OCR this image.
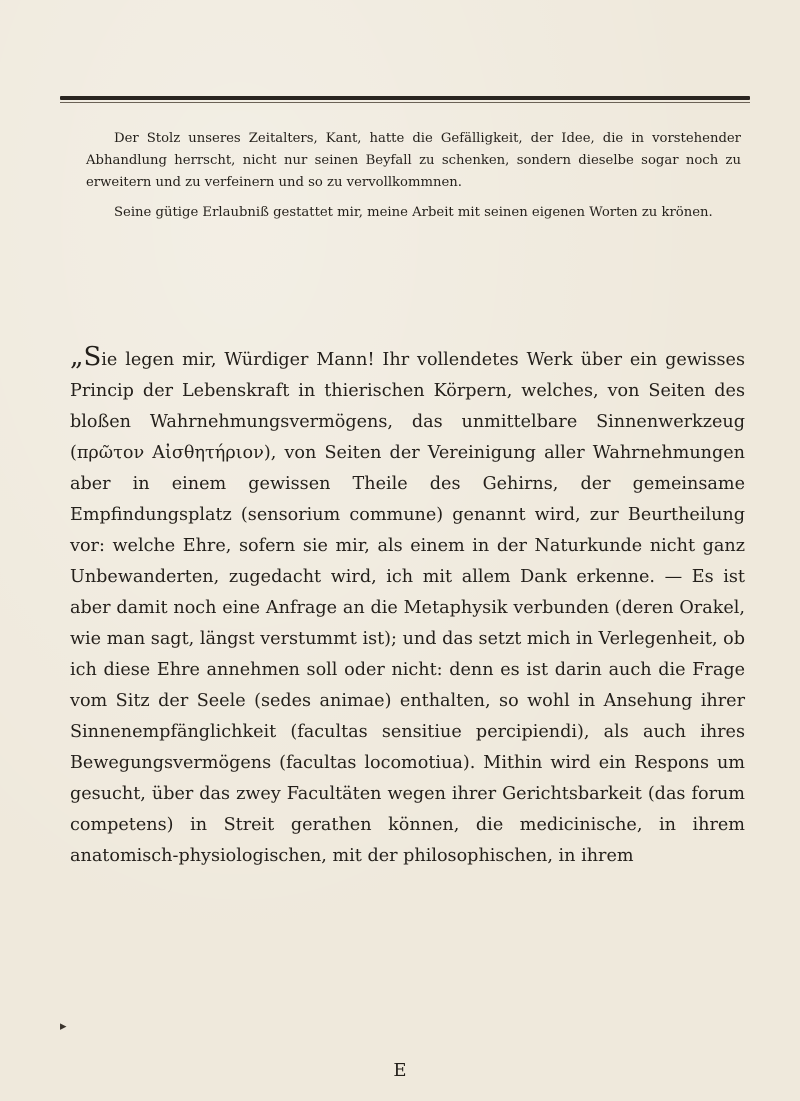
Der Stolz unseres Zeitalters, Kant, hatte die Gefälligkeit, der Idee, die in vorstehender Abhandlung herrscht, nicht nur seinen Beyfall zu schenken, sondern dieselbe sogar noch zu erweitern und zu verfeinern und so zu vervollkommnen.

Seine gütige Erlaubniß gestattet mir, meine Arbeit mit seinen eigenen Worten zu krönen.

„Sie legen mir, Würdiger Mann! Ihr vollendetes Werk über ein gewisses Princip der Lebenskraft in thierischen Körpern, welches, von Seiten des bloßen Wahrnehmungsvermögens, das unmittelbare Sinnenwerkzeug (πρῶτον Αἰσθητήριον), von Seiten der Vereinigung aller Wahrnehmungen aber in einem gewissen Theile des Gehirns, der gemeinsame Empfindungsplatz (sensorium commune) genannt wird, zur Beurtheilung vor: welche Ehre, sofern sie mir, als einem in der Naturkunde nicht ganz Unbewanderten, zugedacht wird, ich mit allem Dank erkenne. — Es ist aber damit noch eine Anfrage an die Metaphysik verbunden (deren Orakel, wie man sagt, längst verstummt ist); und das setzt mich in Verlegenheit, ob ich diese Ehre annehmen soll oder nicht: denn es ist darin auch die Frage vom Sitz der Seele (sedes animae) enthalten, so wohl in Ansehung ihrer Sinnenempfänglichkeit (facultas sensitiue percipiendi), als auch ihres Bewegungsvermögens (facultas locomotiua). Mithin wird ein Respons um gesucht, über das zwey Facultäten wegen ihrer Gerichtsbarkeit (das forum competens) in Streit gerathen können, die medicinische, in ihrem anatomisch-physiologischen, mit der philosophischen, in ihrem

▸
E
